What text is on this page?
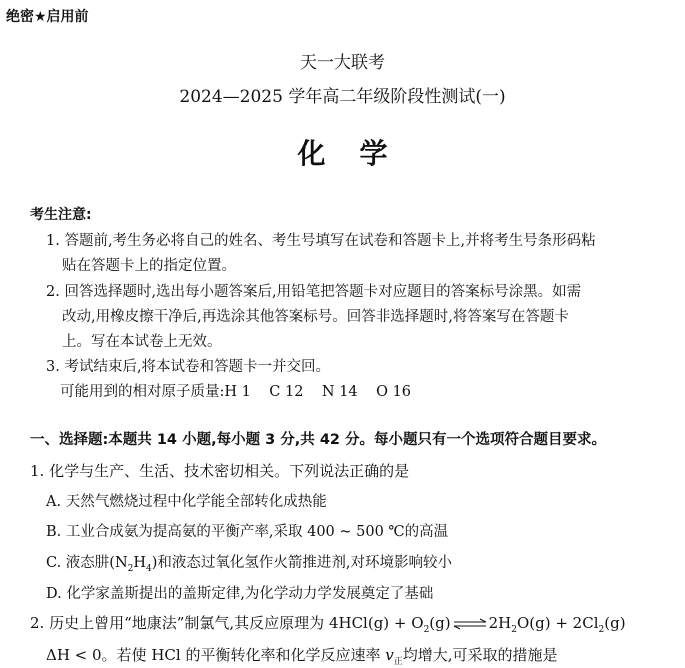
绝密★启用前
天一大联考
2024—2025 学年高二年级阶段性测试(一)
化学
考生注意:
1. 答题前,考生务必将自己的姓名、考生号填写在试卷和答题卡上,并将考生号条形码粘
贴在答题卡上的指定位置。
2. 回答选择题时,选出每小题答案后,用铅笔把答题卡对应题目的答案标号涂黑。如需
改动,用橡皮擦干净后,再选涂其他答案标号。回答非选择题时,将答案写在答题卡
上。写在本试卷上无效。
3. 考试结束后,将本试卷和答题卡一并交回。
可能用到的相对原子质量:H 1    C 12    N 14    O 16
一、选择题:本题共 14 小题,每小题 3 分,共 42 分。每小题只有一个选项符合题目要求。
1. 化学与生产、生活、技术密切相关。下列说法正确的是
A. 天然气燃烧过程中化学能全部转化成热能
B. 工业合成氨为提高氨的平衡产率,采取 400 ~ 500 ℃的高温
C. 液态肼$(N_2H_4)$和液态过氧化氢作火箭推进剂,对环境影响较小
D. 化学家盖斯提出的盖斯定律,为化学动力学发展奠定了基础
2. 历史上曾用“地康法”制氯气,其反应原理为 $4HCl(g) + O_2(g)$ ⇌ $2H_2O(g) + 2Cl_2(g)$
ΔH < 0。若使 HCl 的平衡转化率和化学反应速率 $v_正$均增大,可采取的措施是
